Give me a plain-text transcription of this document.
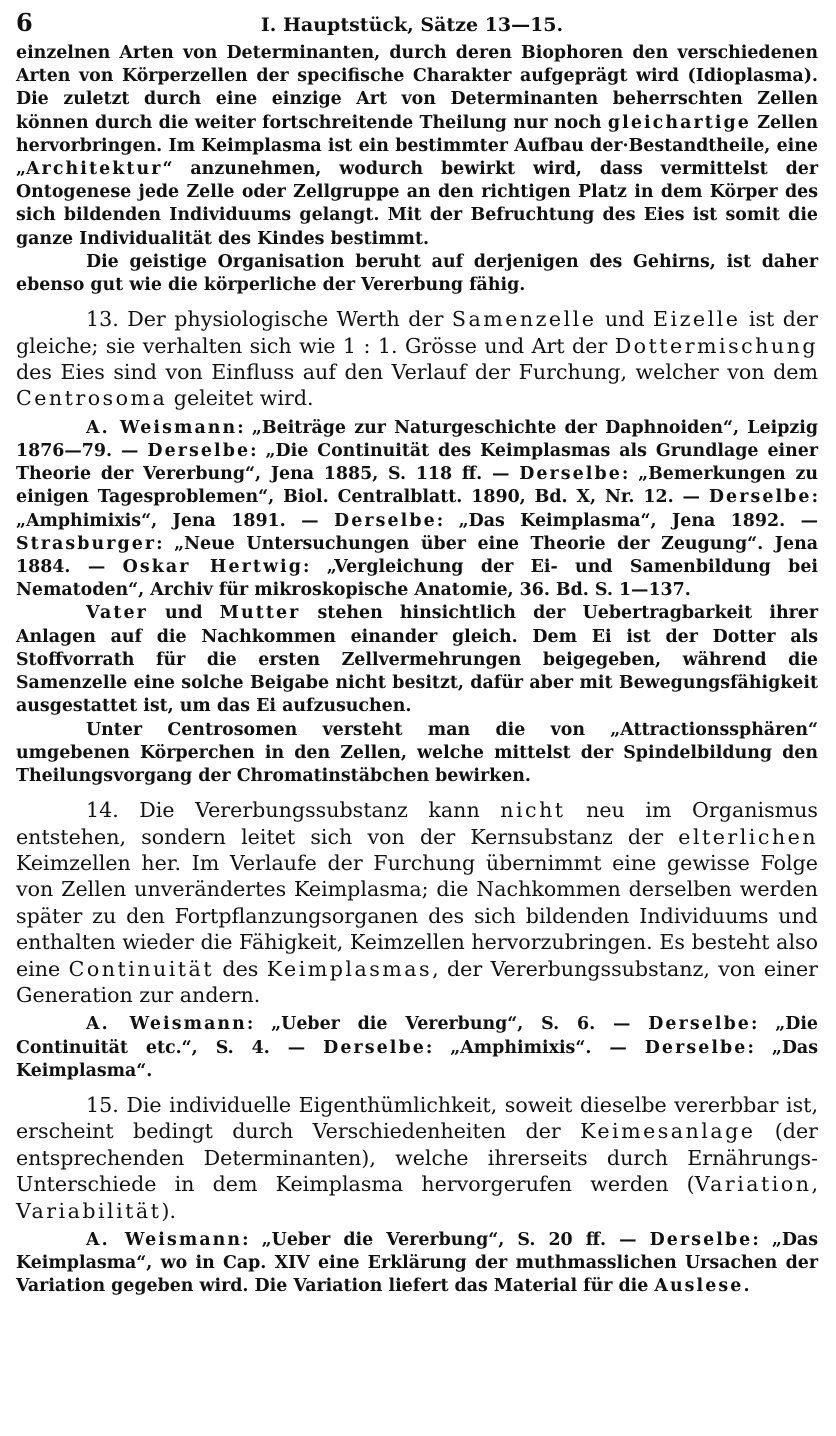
6	I. Hauptstück, Sätze 13—15.

einzelnen Arten von Determinanten, durch deren Biophoren den verschiedenen Arten von Körperzellen der specifische Charakter aufgeprägt wird (Idioplasma). Die zuletzt durch eine einzige Art von Determinanten beherrschten Zellen können durch die weiter fortschreitende Theilung nur noch gleichartige Zellen hervorbringen. Im Keimplasma ist ein bestimmter Aufbau der·Bestandtheile, eine „Architektur“ anzunehmen, wodurch bewirkt wird, dass vermittelst der Ontogenese jede Zelle oder Zellgruppe an den richtigen Platz in dem Körper des sich bildenden Individuums gelangt. Mit der Befruchtung des Eies ist somit die ganze Individualität des Kindes bestimmt.

Die geistige Organisation beruht auf derjenigen des Gehirns, ist daher ebenso gut wie die körperliche der Vererbung fähig.

13. Der physiologische Werth der Samenzelle und Eizelle ist der gleiche; sie verhalten sich wie 1 : 1. Grösse und Art der Dottermischung des Eies sind von Einfluss auf den Verlauf der Furchung, welcher von dem Centrosoma geleitet wird.

A. Weismann: „Beiträge zur Naturgeschichte der Daphnoiden“, Leipzig 1876—79. — Derselbe: „Die Continuität des Keimplasmas als Grundlage einer Theorie der Vererbung“, Jena 1885, S. 118 ff. — Derselbe: „Bemerkungen zu einigen Tagesproblemen“, Biol. Centralblatt. 1890, Bd. X, Nr. 12. — Derselbe: „Amphimixis“, Jena 1891. — Derselbe: „Das Keimplasma“, Jena 1892. — Strasburger: „Neue Untersuchungen über eine Theorie der Zeugung“. Jena 1884. — Oskar Hertwig: „Vergleichung der Ei- und Samenbildung bei Nematoden“, Archiv für mikroskopische Anatomie, 36. Bd. S. 1—137.

Vater und Mutter stehen hinsichtlich der Uebertragbarkeit ihrer Anlagen auf die Nachkommen einander gleich. Dem Ei ist der Dotter als Stoffvorrath für die ersten Zellvermehrungen beigegeben, während die Samenzelle eine solche Beigabe nicht besitzt, dafür aber mit Bewegungsfähigkeit ausgestattet ist, um das Ei aufzusuchen.

Unter Centrosomen versteht man die von „Attractionssphären“ umgebenen Körperchen in den Zellen, welche mittelst der Spindelbildung den Theilungsvorgang der Chromatinstäbchen bewirken.

14. Die Vererbungssubstanz kann nicht neu im Organismus entstehen, sondern leitet sich von der Kernsubstanz der elterlichen Keimzellen her. Im Verlaufe der Furchung übernimmt eine gewisse Folge von Zellen unverändertes Keimplasma; die Nachkommen derselben werden später zu den Fortpflanzungsorganen des sich bildenden Individuums und enthalten wieder die Fähigkeit, Keimzellen hervorzubringen. Es besteht also eine Continuität des Keimplasmas, der Vererbungssubstanz, von einer Generation zur andern.

A. Weismann: „Ueber die Vererbung“, S. 6. — Derselbe: „Die Continuität etc.“, S. 4. — Derselbe: „Amphimixis“. — Derselbe: „Das Keimplasma“.

15. Die individuelle Eigenthümlichkeit, soweit dieselbe vererbbar ist, erscheint bedingt durch Verschiedenheiten der Keimesanlage (der entsprechenden Determinanten), welche ihrerseits durch Ernährungs-Unterschiede in dem Keimplasma hervorgerufen werden (Variation, Variabilität).

A. Weismann: „Ueber die Vererbung“, S. 20 ff. — Derselbe: „Das Keimplasma“, wo in Cap. XIV eine Erklärung der muthmasslichen Ursachen der Variation gegeben wird. Die Variation liefert das Material für die Auslese.
